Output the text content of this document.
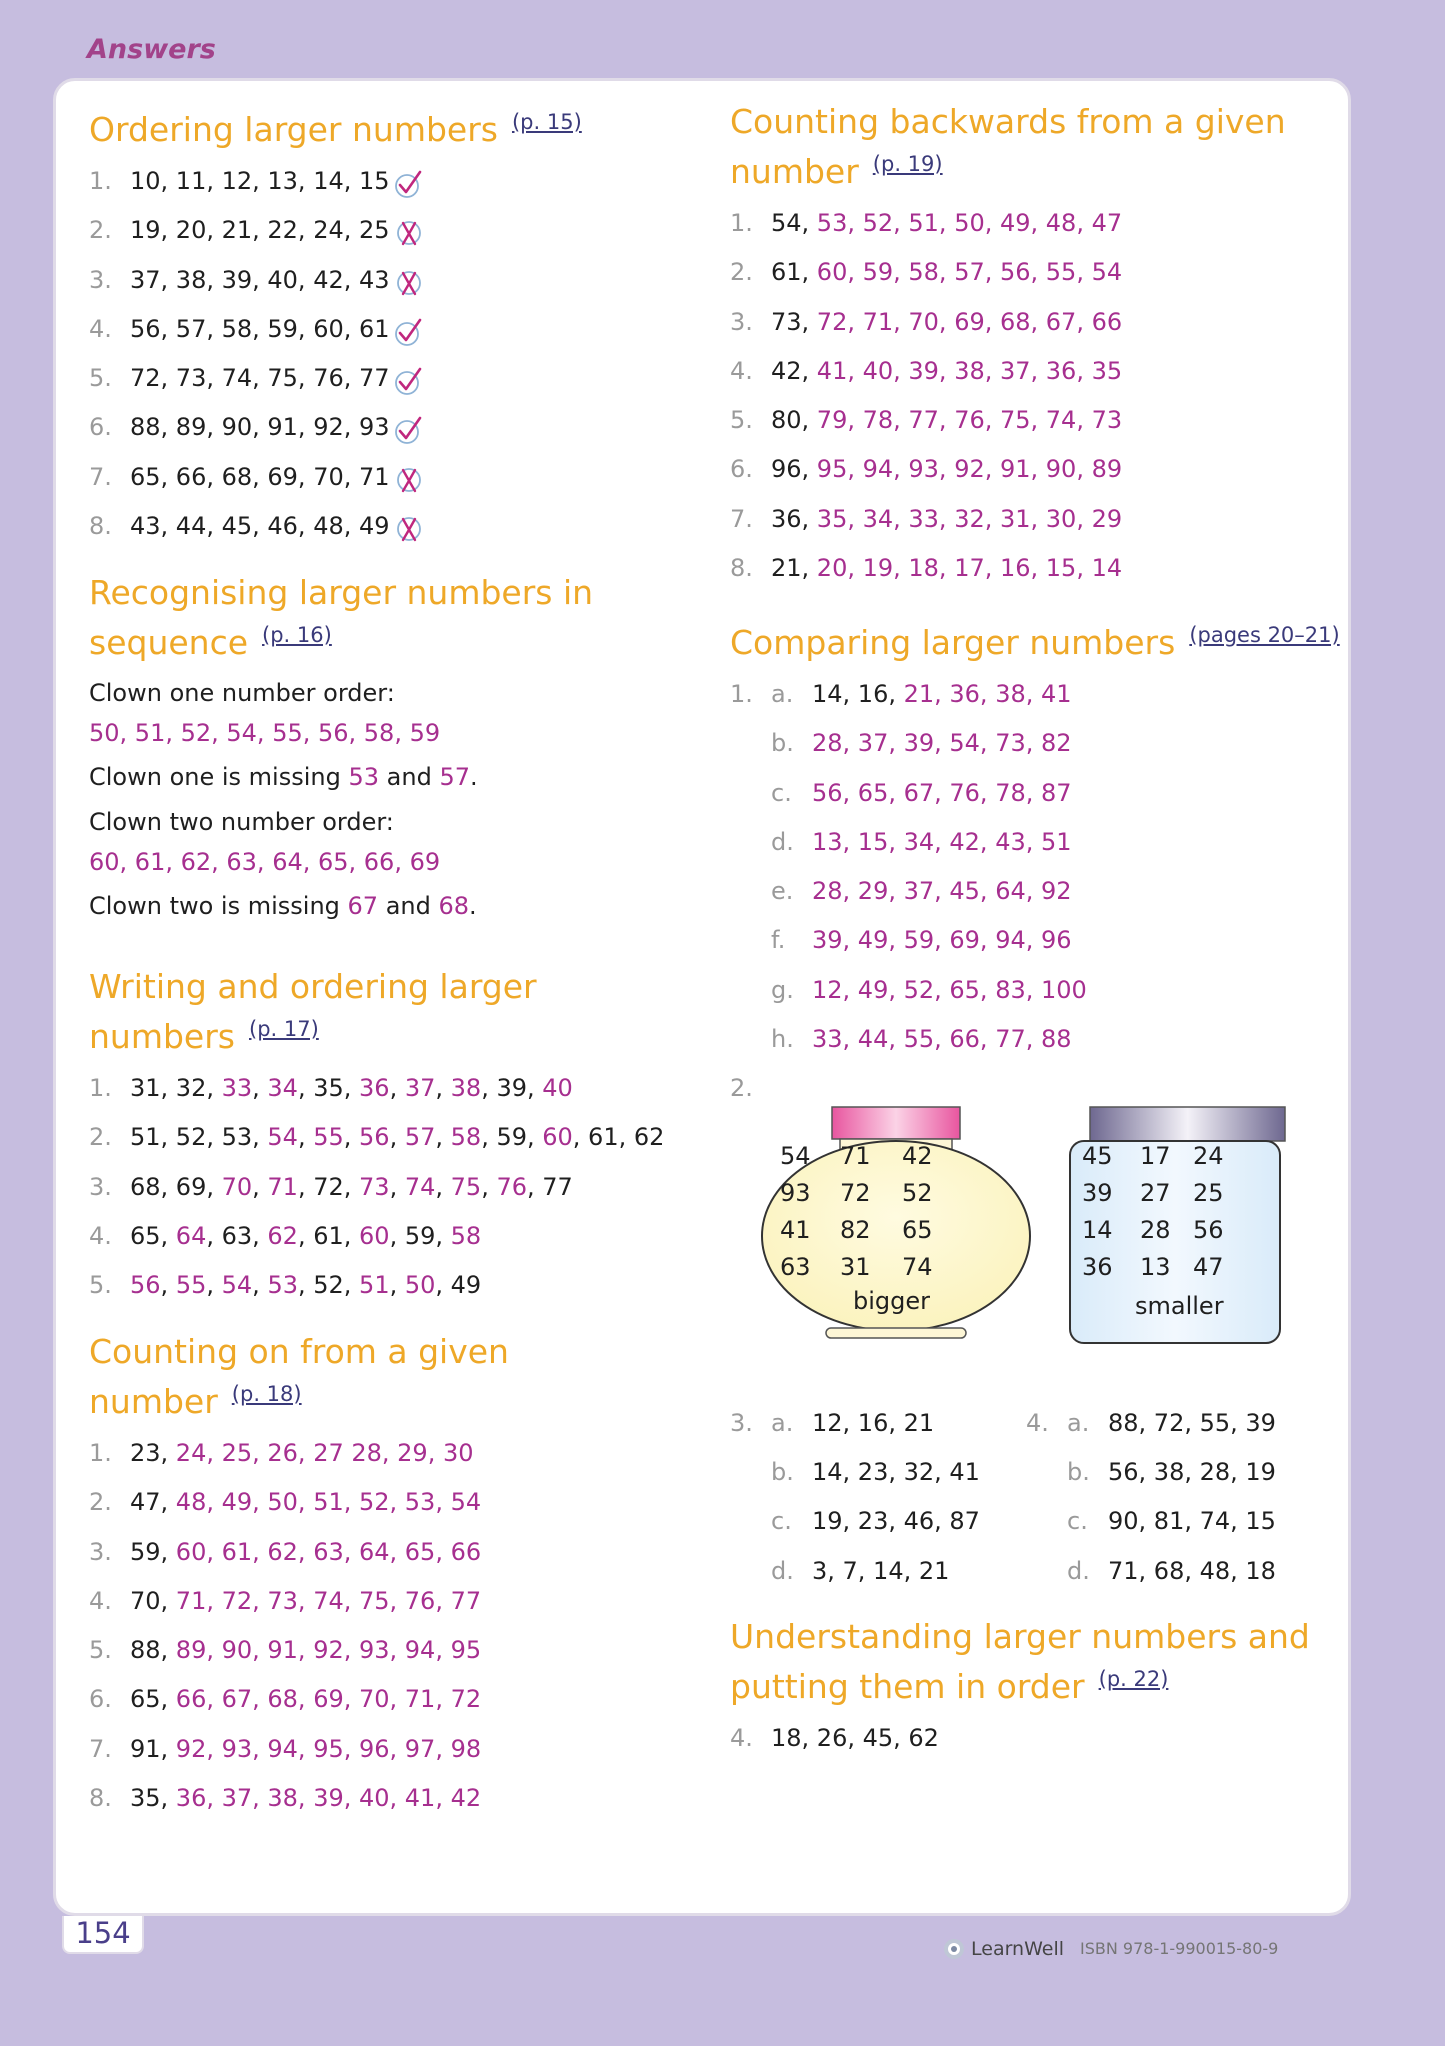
Answers
Ordering larger numbers $^{(p. 15)}$
1. 10, 11, 12, 13, 14, 15
2. 19, 20, 21, 22, 24, 25
3. 37, 38, 39, 40, 42, 43
4. 56, 57, 58, 59, 60, 61
5. 72, 73, 74, 75, 76, 77
6. 88, 89, 90, 91, 92, 93
7. 65, 66, 68, 69, 70, 71
8. 43, 44, 45, 46, 48, 49
Recognising larger numbers in
sequence $^{(p. 16)}$
Clown one number order:
50, 51, 52, 54, 55, 56, 58, 59
Clown one is missing 53 and 57.
Clown two number order:
60, 61, 62, 63, 64, 65, 66, 69
Clown two is missing 67 and 68.
Writing and ordering larger
numbers $^{(p. 17)}$
1. 31, 32, 33, 34, 35, 36, 37, 38, 39, 40
2. 51, 52, 53, 54, 55, 56, 57, 58, 59, 60, 61, 62
3. 68, 69, 70, 71, 72, 73, 74, 75, 76, 77
4. 65, 64, 63, 62, 61, 60, 59, 58
5. 56, 55, 54, 53, 52, 51, 50, 49
Counting on from a given
number $^{(p. 18)}$
1. 23, 24, 25, 26, 27 28, 29, 30
2. 47, 48, 49, 50, 51, 52, 53, 54
3. 59, 60, 61, 62, 63, 64, 65, 66
4. 70, 71, 72, 73, 74, 75, 76, 77
5. 88, 89, 90, 91, 92, 93, 94, 95
6. 65, 66, 67, 68, 69, 70, 71, 72
7. 91, 92, 93, 94, 95, 96, 97, 98
8. 35, 36, 37, 38, 39, 40, 41, 42
Counting backwards from a given
number $^{(p. 19)}$
1. 54, 53, 52, 51, 50, 49, 48, 47
2. 61, 60, 59, 58, 57, 56, 55, 54
3. 73, 72, 71, 70, 69, 68, 67, 66
4. 42, 41, 40, 39, 38, 37, 36, 35
5. 80, 79, 78, 77, 76, 75, 74, 73
6. 96, 95, 94, 93, 92, 91, 90, 89
7. 36, 35, 34, 33, 32, 31, 30, 29
8. 21, 20, 19, 18, 17, 16, 15, 14
Comparing larger numbers $^{(pages 20-21)}$
1. a. 14, 16, 21, 36, 38, 41
b. 28, 37, 39, 54, 73, 82
c. 56, 65, 67, 76, 78, 87
d. 13, 15, 34, 42, 43, 51
e. 28, 29, 37, 45, 64, 92
f. 39, 49, 59, 69, 94, 96
g. 12, 49, 52, 65, 83, 100
h. 33, 44, 55, 66, 77, 88
2.
54 71 42
93 72 52
41 82 65
63 31 74
bigger
45 17 24
39 27 25
14 28 56
36 13 47
smaller
3. a. 12, 16, 21
b. 14, 23, 32, 41
c. 19, 23, 46, 87
d. 3, 7, 14, 21
4. a. 88, 72, 55, 39
b. 56, 38, 28, 19
c. 90, 81, 74, 15
d. 71, 68, 48, 18
Understanding larger numbers and
putting them in order $^{(p. 22)}$
4. 18, 26, 45, 62
154	LearnWell ISBN 978-1-990015-80-9
